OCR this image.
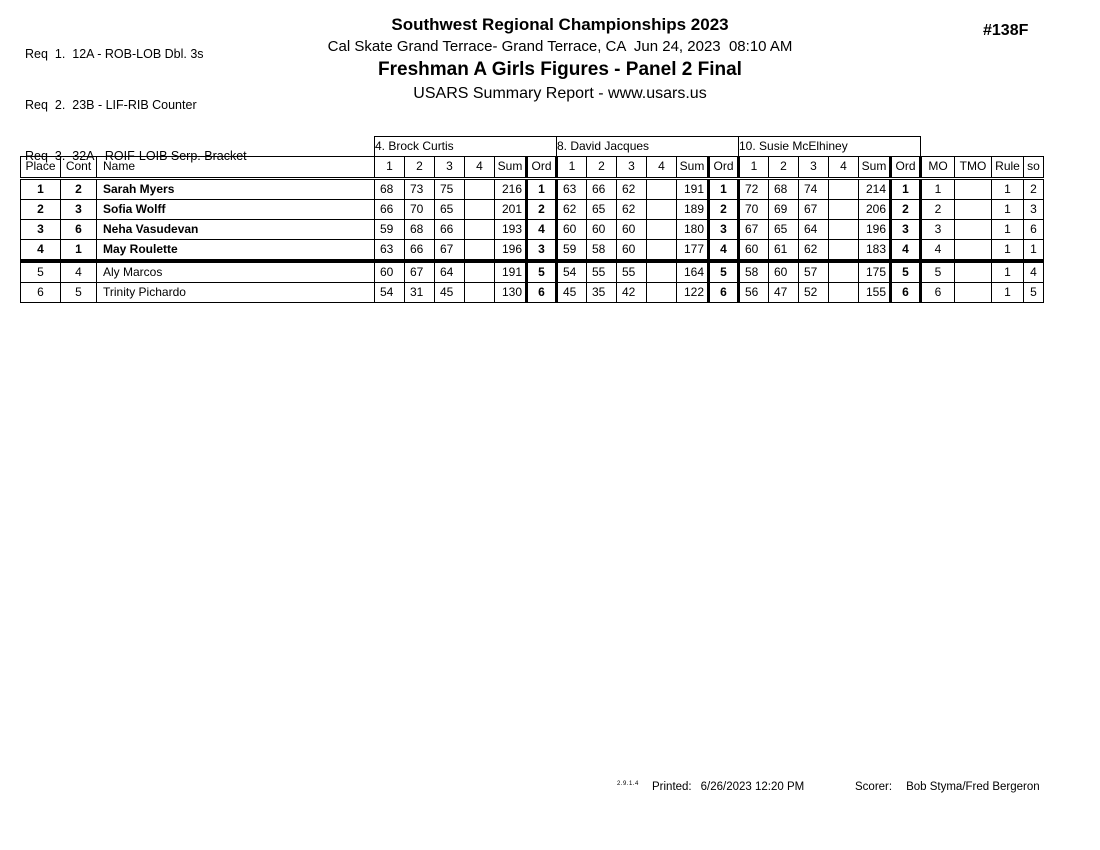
Req  1.  12A - ROB-LOB Dbl. 3s

Req  2.  23B - LIF-RIB Counter

Req  3.  32A - ROIF-LOIB Serp. Bracket

Southwest Regional Championships 2023
Cal Skate Grand Terrace- Grand Terrace, CA  Jun 24, 2023  08:10 AM
Freshman A Girls Figures - Panel 2 Final
USARS Summary Report - www.usars.us
#138F
			4. Brock Curtis						8. David Jacques						10. Susie McElhiney									
Place	Cont	Name	1	2	3	4	Sum	Ord	1	2	3	4	Sum	Ord	1	2	3	4	Sum	Ord	MO	TMO	Rule	so
1	2	Sarah Myers	68	73	75		216	1	63	66	62		191	1	72	68	74		214	1	1		1	2
2	3	Sofia Wolff	66	70	65		201	2	62	65	62		189	2	70	69	67		206	2	2		1	3
3	6	Neha Vasudevan	59	68	66		193	4	60	60	60		180	3	67	65	64		196	3	3		1	6
4	1	May Roulette	63	66	67		196	3	59	58	60		177	4	60	61	62		183	4	4		1	1
5	4	Aly Marcos	60	67	64		191	5	54	55	55		164	5	58	60	57		175	5	5		1	4
6	5	Trinity Pichardo	54	31	45		130	6	45	35	42		122	6	56	47	52		155	6	6		1	5
2.9.1.4 Printed: 6/26/2023 12:20 PM	Scorer: Bob Styma/Fred Bergeron
